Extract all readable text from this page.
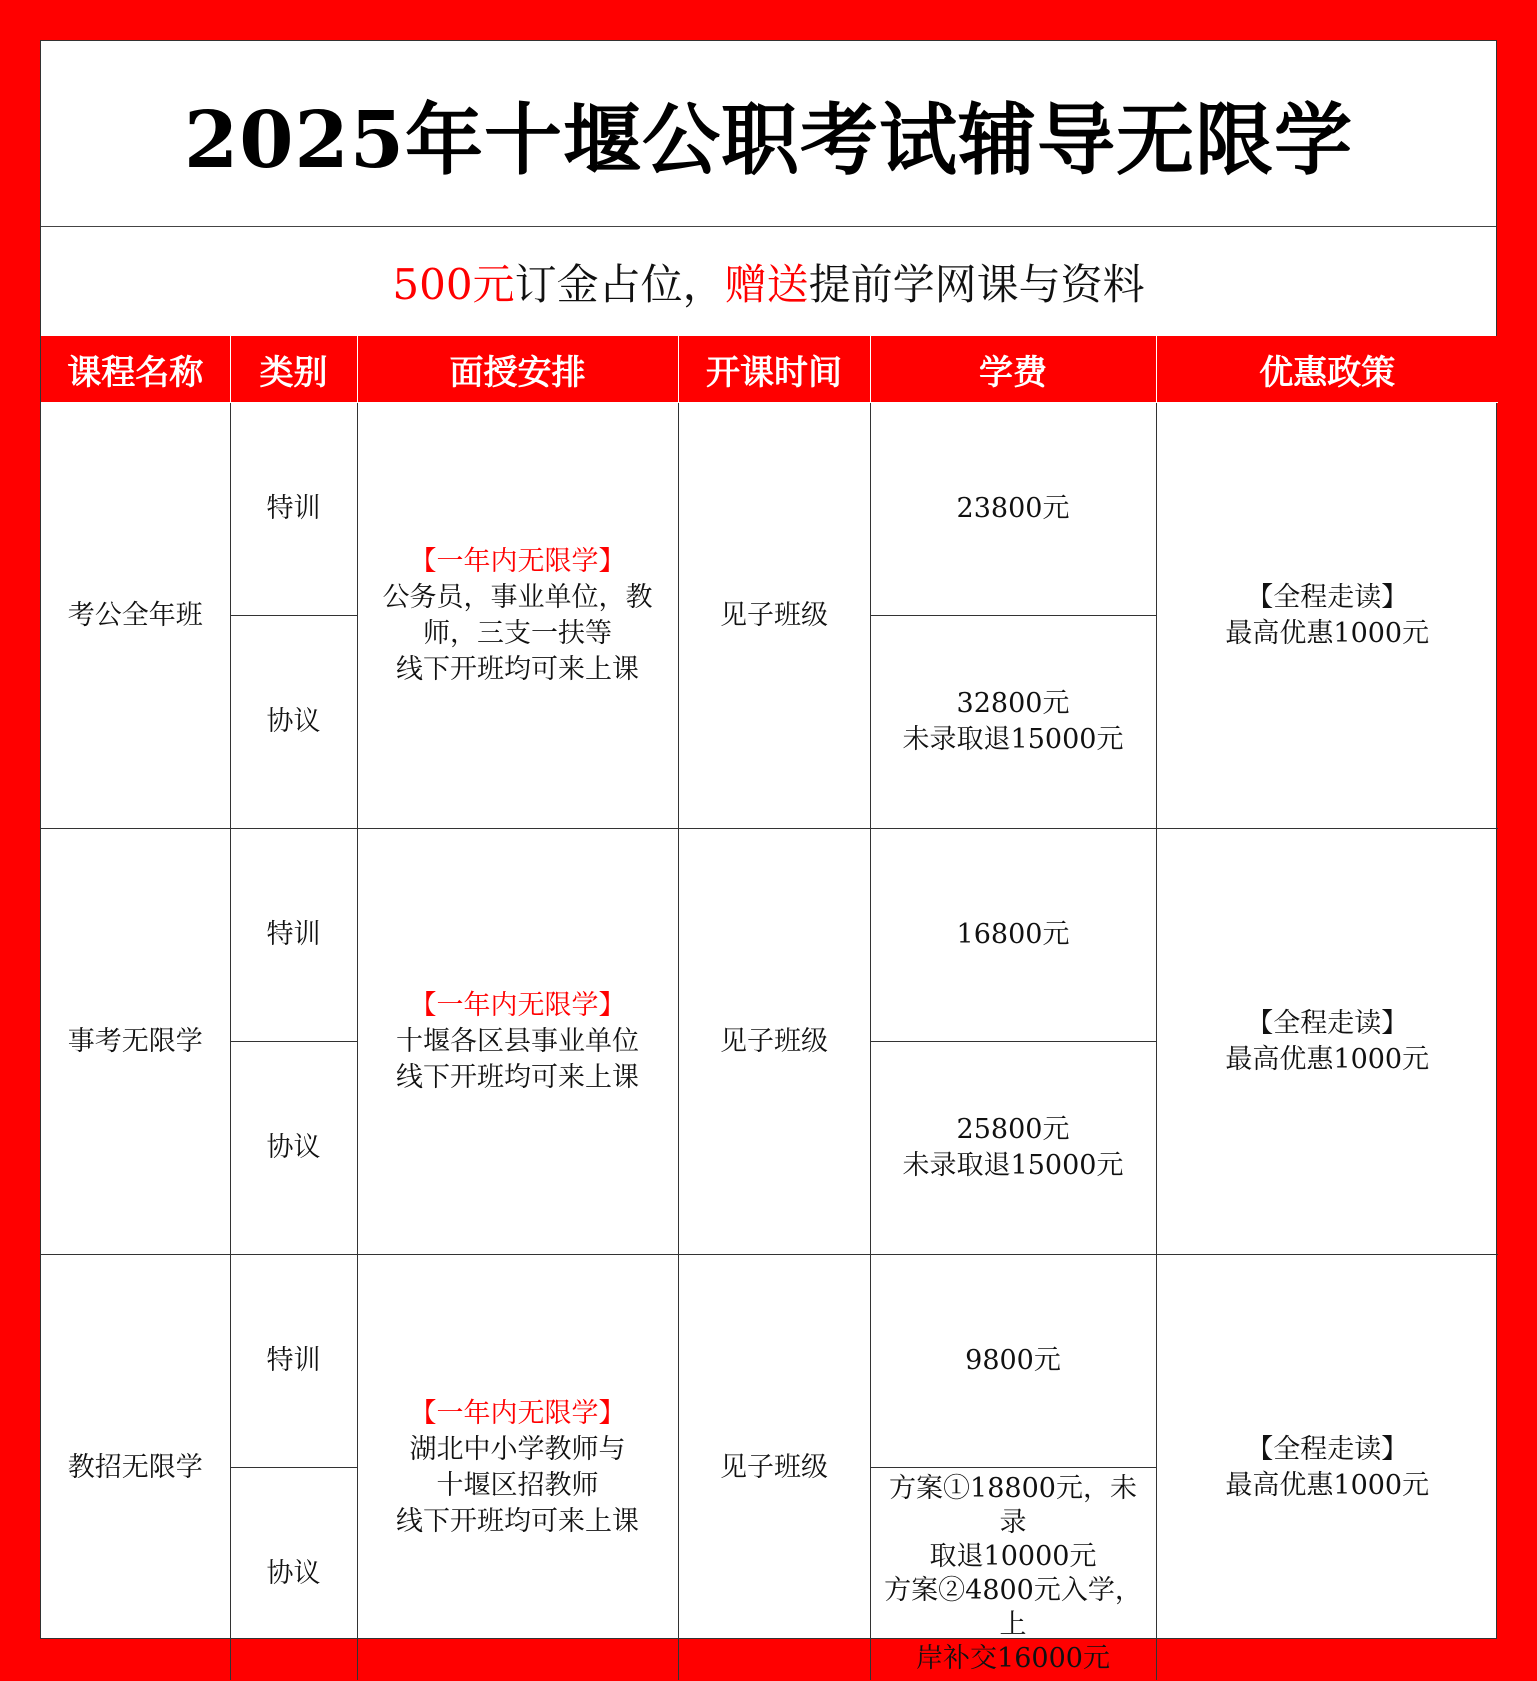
2025年十堰公职考试辅导无限学
500元 订金占位， 赠送 提前学网课与资料
课程名称	类别	面授安排	开课时间	学费	优惠政策
考公全年班	特训	【一年内无限学】
公务员，事业单位，教
师，三支一扶等
线下开班均可来上课	见子班级	23800元	【全程走读】
最高优惠1000元

	协议			32800元
未录取退15000元	

事考无限学	特训	【一年内无限学】
十堰各区县事业单位
线下开班均可来上课	见子班级	16800元	【全程走读】
最高优惠1000元

	协议			25800元
未录取退15000元	

教招无限学	特训	【一年内无限学】
湖北中小学教师与
十堰区招教师
线下开班均可来上课	见子班级	9800元	【全程走读】
最高优惠1000元

	协议			方案①18800元，未录
取退10000元
方案②4800元入学，上
岸补交16000元	
